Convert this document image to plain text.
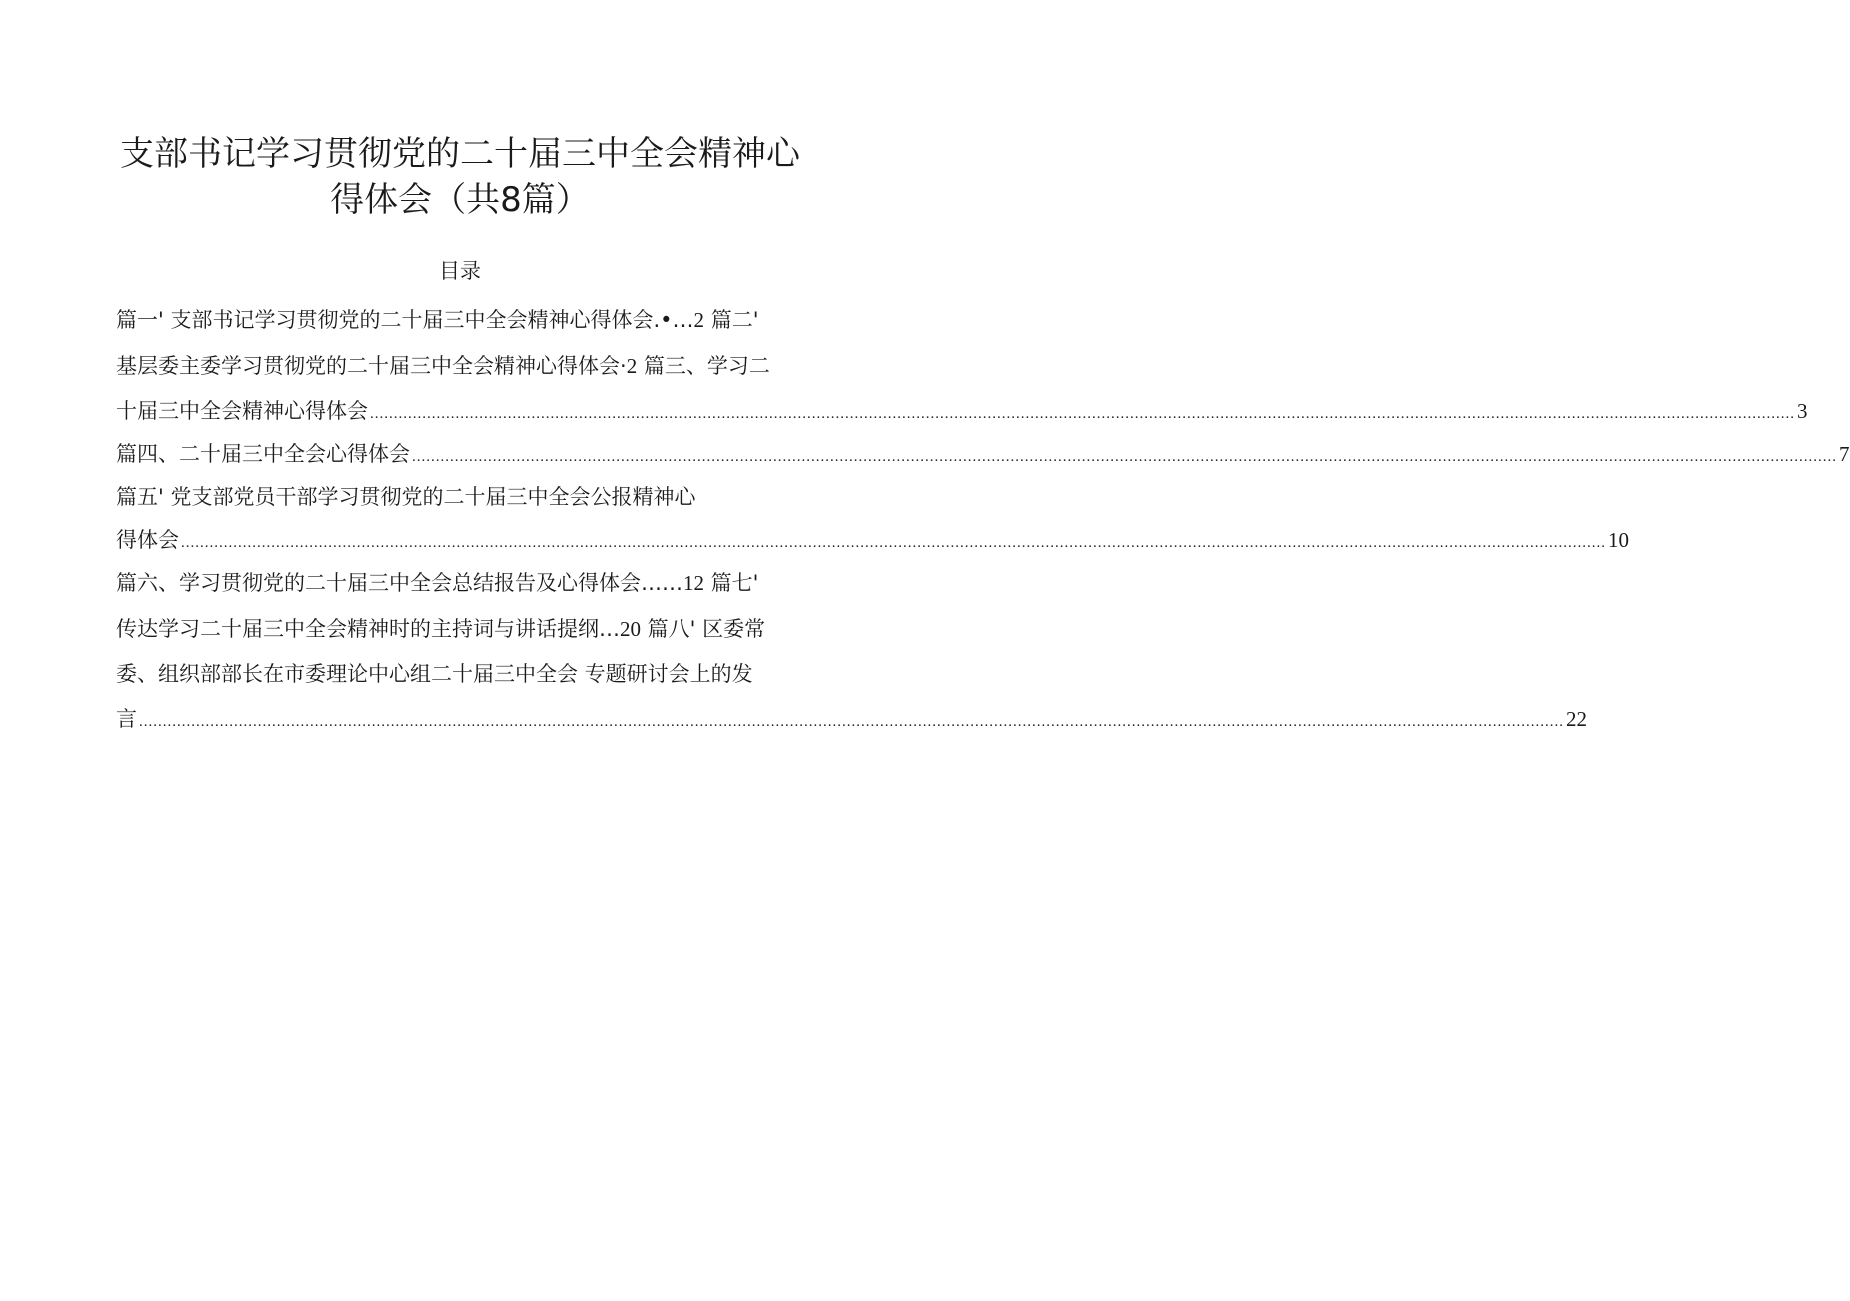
支部书记学习贯彻党的二十届三中全会精神心
得体会（共8篇）
目录
篇一' 支部书记学习贯彻党的二十届三中全会精神心得体会.•…2 篇二'
基层委主委学习贯彻党的二十届三中全会精神心得体会·2 篇三、学习二
十届三中全会精神心得体会 ............................................................................................................................................................................................................................................................................................................ 3
篇四、二十届三中全会心得体会 ............................................................................................................................................................................................................................................................................................................ 7
篇五' 党支部党员干部学习贯彻党的二十届三中全会公报精神心
得体会 ............................................................................................................................................................................................................................................................................................................ 10
篇六、学习贯彻党的二十届三中全会总结报告及心得体会……12 篇七'
传达学习二十届三中全会精神时的主持词与讲话提纲…20 篇八' 区委常
委、组织部部长在市委理论中心组二十届三中全会 专题研讨会上的发
言 ............................................................................................................................................................................................................................................................................................................ 22
